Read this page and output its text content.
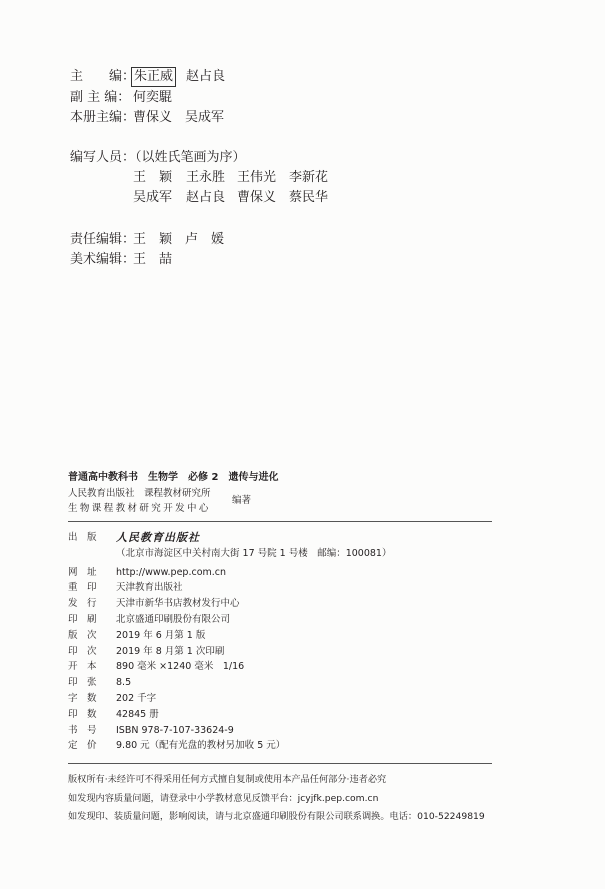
主　　编：
朱正威 赵占良
副 主 编： 何奕騉
本册主编：
曹保义　吴成军
编写人员：（以姓氏笔画为序）
王　颖 王永胜 王伟光 李新花
吴成军 赵占良 曹保义 蔡民华
责任编辑：
王　颖　卢　媛
美术编辑：
王　喆
普通高中教科书　生物学　必修 2　遗传与进化
人民教育出版社　课程教材研究所
生物课程教材研究开发中心
编著
出　版 人民教育出版社
（北京市海淀区中关村南大街 17 号院 1 号楼　邮编：100081）
网　址 http://www.pep.com.cn
重　印 天津教育出版社
发　行 天津市新华书店教材发行中心
印　刷 北京盛通印刷股份有限公司
版　次 2019 年 6 月第 1 版
印　次 2019 年 8 月第 1 次印刷
开　本 890 毫米 ×1240 毫米　1/16
印　张 8.5
字　数 202 千字
印　数 42845 册
书　号 ISBN 978-7-107-33624-9
定　价 9.80 元（配有光盘的教材另加收 5 元）
版权所有·未经许可不得采用任何方式擅自复制或使用本产品任何部分·违者必究
如发现内容质量问题，请登录中小学教材意见反馈平台：jcyjfk.pep.com.cn
如发现印、装质量问题，影响阅读，请与北京盛通印刷股份有限公司联系调换。电话：010-52249819
